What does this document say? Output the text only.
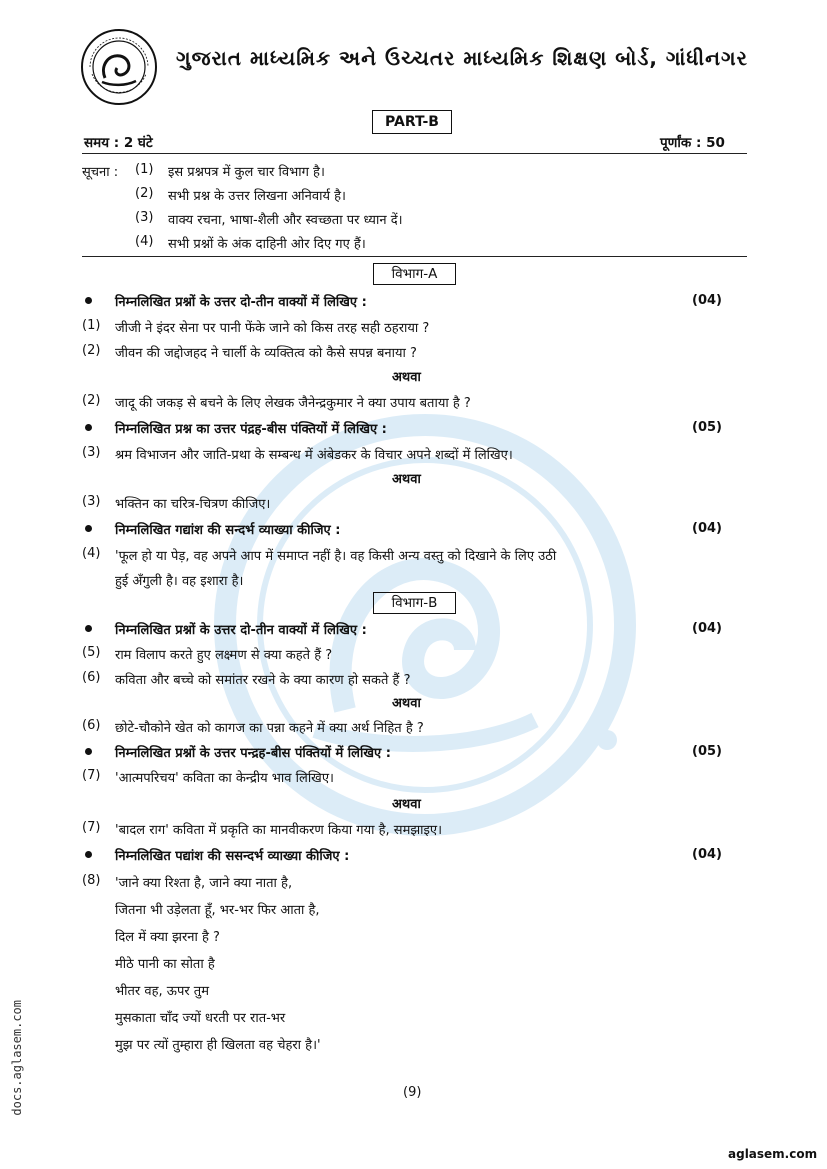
ગુજરાત માધ્યમિક અને ઉચ્ચતર માધ્યમિક શિક્ષણ બોર્ડ, ગાંધીનગર
PART-B
समय : 2 घंटे	पूर्णांक : 50
सूचना : (1) इस प्रश्नपत्र में कुल चार विभाग है।
(2) सभी प्रश्न के उत्तर लिखना अनिवार्य है।
(3) वाक्य रचना, भाषा-शैली और स्वच्छता पर ध्यान दें।
(4) सभी प्रश्नों के अंक दाहिनी ओर दिए गए हैं।
विभाग-A
निम्नलिखित प्रश्नों के उत्तर दो-तीन वाक्यों में लिखिए :	(04)
(1) जीजी ने इंदर सेना पर पानी फेंके जाने को किस तरह सही ठहराया ?
(2) जीवन की जद्दोजहद ने चार्ली के व्यक्तित्व को कैसे सपन्न बनाया ?
अथवा
(2) जादू की जकड़ से बचने के लिए लेखक जैनेन्द्रकुमार ने क्या उपाय बताया है ?
निम्नलिखित प्रश्न का उत्तर पंद्रह-बीस पंक्तियों में लिखिए :	(05)
(3) श्रम विभाजन और जाति-प्रथा के सम्बन्ध में अंबेडकर के विचार अपने शब्दों में लिखिए।
अथवा
(3) भक्तिन का चरित्र-चित्रण कीजिए।
निम्नलिखित गद्यांश की सन्दर्भ व्याख्या कीजिए :	(04)
(4) 'फूल हो या पेड़, वह अपने आप में समाप्त नहीं है। वह किसी अन्य वस्तु को दिखाने के लिए उठी
हुई अँगुली है। वह इशारा है।
विभाग-B
निम्नलिखित प्रश्नों के उत्तर दो-तीन वाक्यों में लिखिए :	(04)
(5) राम विलाप करते हुए लक्ष्मण से क्या कहते हैं ?
(6) कविता और बच्चे को समांतर रखने के क्या कारण हो सकते हैं ?
अथवा
(6) छोटे-चौकोने खेत को कागज का पन्ना कहने में क्या अर्थ निहित है ?
निम्नलिखित प्रश्नों के उत्तर पन्द्रह-बीस पंक्तियों में लिखिए :	(05)
(7) 'आत्मपरिचय' कविता का केन्द्रीय भाव लिखिए।
अथवा
(7) 'बादल राग' कविता में प्रकृति का मानवीकरण किया गया है, समझाइए।
निम्नलिखित पद्यांश की ससन्दर्भ व्याख्या कीजिए :	(04)
(8) 'जाने क्या रिश्ता है, जाने क्या नाता है,
जितना भी उड़ेलता हूँ, भर-भर फिर आता है,
दिल में क्या झरना है ?
मीठे पानी का सोता है
भीतर वह, ऊपर तुम
मुसकाता चाँद ज्यों धरती पर रात-भर
मुझ पर त्यों तुम्हारा ही खिलता वह चेहरा है।'
(9)
aglasem.com
docs.aglasem.com
